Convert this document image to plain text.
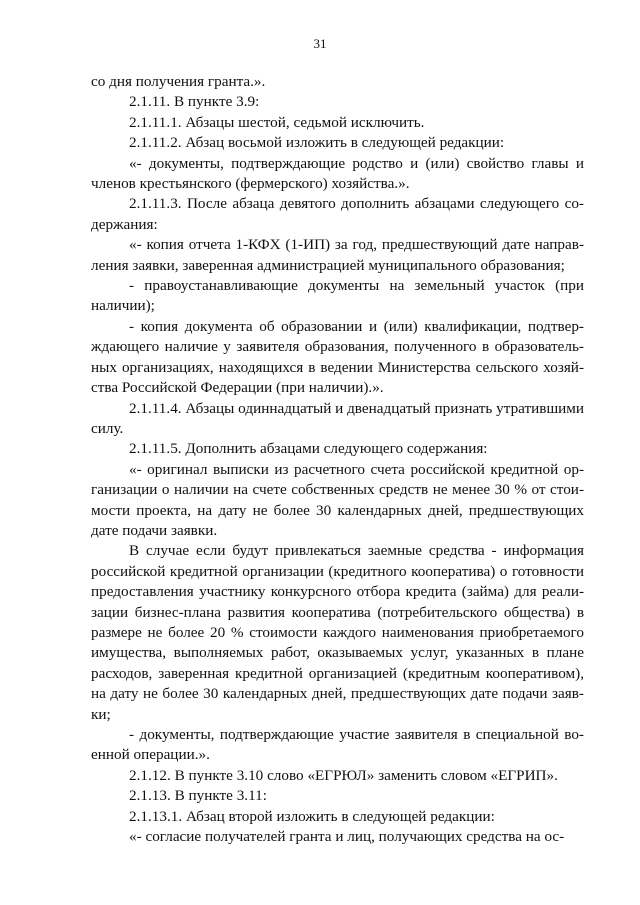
31

со дня получения гранта.».

2.1.11. В пункте 3.9:

2.1.11.1. Абзацы шестой, седьмой исключить.

2.1.11.2. Абзац восьмой изложить в следующей редакции:

«- документы, подтверждающие родство и (или) свойство главы и членов крестьянского (фермерского) хозяйства.».

2.1.11.3. После абзаца девятого дополнить абзацами следующего со- держания:

«- копия отчета 1-КФХ (1-ИП) за год, предшествующий дате направ- ления заявки, заверенная администрацией муниципального образования;

- правоустанавливающие документы на земельный участок (при наличии);

- копия документа об образовании и (или) квалификации, подтвер- ждающего наличие у заявителя образования, полученного в образователь- ных организациях, находящихся в ведении Министерства сельского хозяй- ства Российской Федерации (при наличии).».

2.1.11.4. Абзацы одиннадцатый и двенадцатый признать утратившими силу.

2.1.11.5. Дополнить абзацами следующего содержания:

«- оригинал выписки из расчетного счета российской кредитной ор- ганизации о наличии на счете собственных средств не менее 30 % от стои- мости проекта, на дату не более 30 календарных дней, предшествующих дате подачи заявки.

В случае если будут привлекаться заемные средства - информация российской кредитной организации (кредитного кооператива) о готовности предоставления участнику конкурсного отбора кредита (займа) для реали- зации бизнес-плана развития кооператива (потребительского общества) в размере не более 20 % стоимости каждого наименования приобретаемого имущества, выполняемых работ, оказываемых услуг, указанных в плане расходов, заверенная кредитной организацией (кредитным кооперативом), на дату не более 30 календарных дней, предшествующих дате подачи заяв- ки;

- документы, подтверждающие участие заявителя в специальной во- енной операции.».

2.1.12. В пункте 3.10 слово «ЕГРЮЛ» заменить словом «ЕГРИП».

2.1.13. В пункте 3.11:

2.1.13.1. Абзац второй изложить в следующей редакции:

«- согласие получателей гранта и лиц, получающих средства на ос-
